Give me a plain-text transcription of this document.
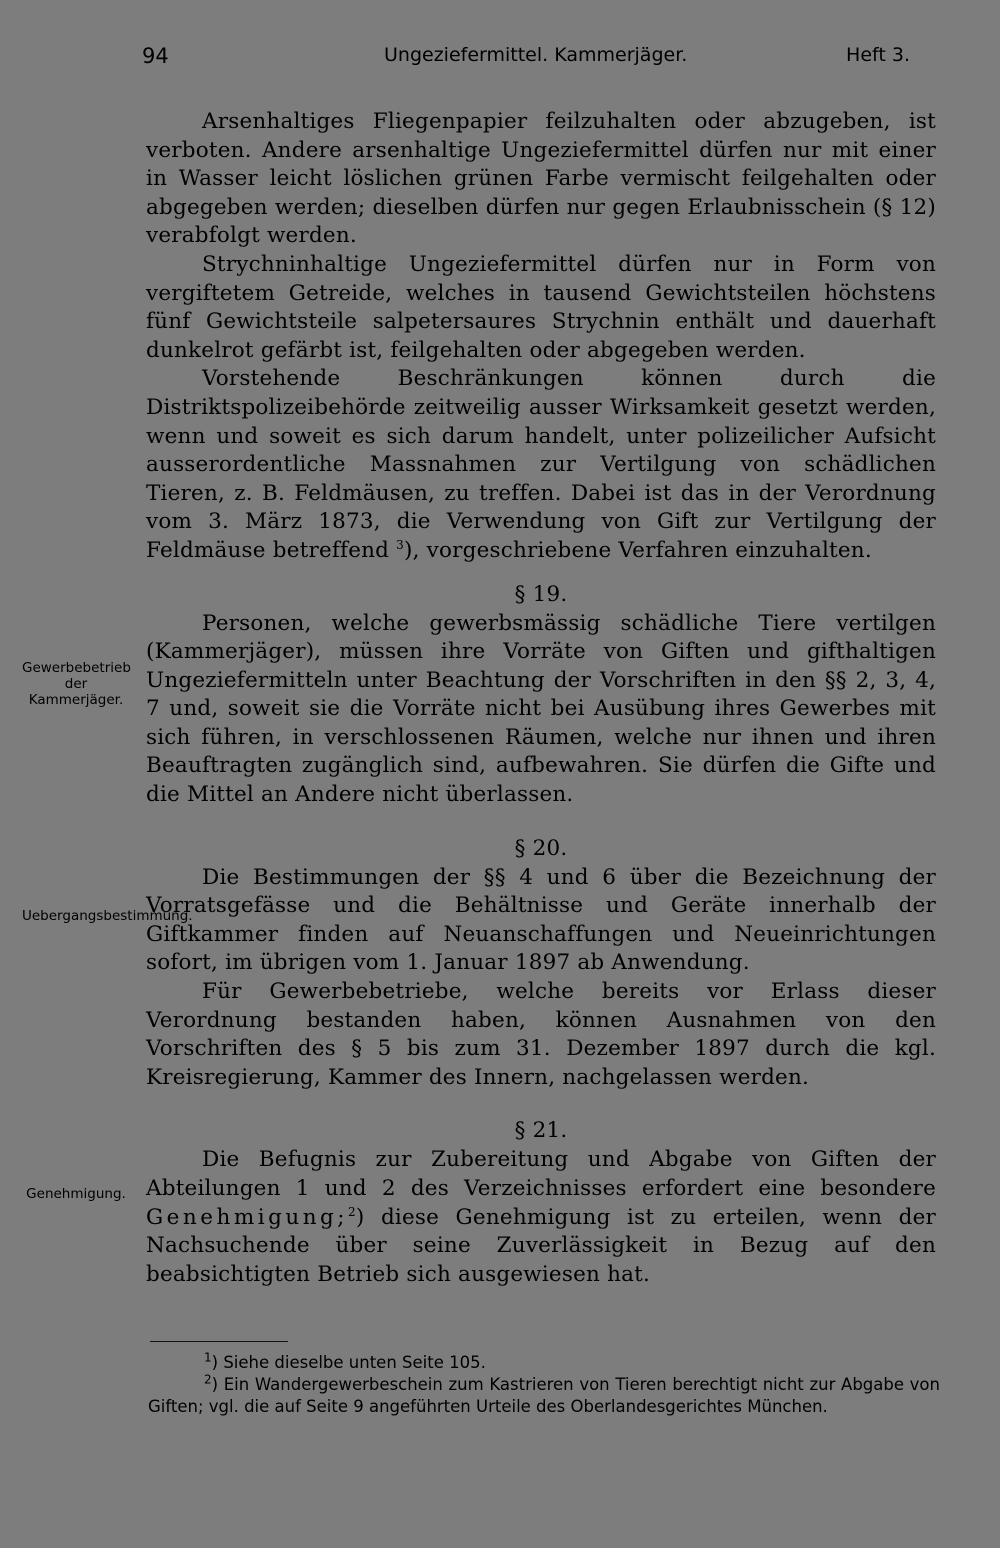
94	Ungeziefermittel. Kammerjäger.	Heft 3.
Gewerbebetrieb der Kammerjäger.
Uebergangsbestimmung.
Genehmigung.

Arsenhaltiges Fliegenpapier feilzuhalten oder abzugeben, ist verboten. Andere arsenhaltige Ungeziefermittel dürfen nur mit einer in Wasser leicht löslichen grünen Farbe vermischt feilgehalten oder abgegeben werden; dieselben dürfen nur gegen Erlaubnisschein (§ 12) verabfolgt werden.

Strychninhaltige Ungeziefermittel dürfen nur in Form von vergiftetem Getreide, welches in tausend Gewichtsteilen höchstens fünf Gewichtsteile salpetersaures Strychnin enthält und dauerhaft dunkelrot gefärbt ist, feilgehalten oder abgegeben werden.

Vorstehende Beschränkungen können durch die Distriktspolizeibehörde zeitweilig ausser Wirksamkeit gesetzt werden, wenn und soweit es sich darum handelt, unter polizeilicher Aufsicht ausserordentliche Massnahmen zur Vertilgung von schädlichen Tieren, z. B. Feldmäusen, zu treffen. Dabei ist das in der Verordnung vom 3. März 1873, die Verwendung von Gift zur Vertilgung der Feldmäuse betreffend $^3$), vorgeschriebene Verfahren einzuhalten.

§ 19.

Personen, welche gewerbsmässig schädliche Tiere vertilgen (Kammerjäger), müssen ihre Vorräte von Giften und gifthaltigen Ungeziefermitteln unter Beachtung der Vorschriften in den §§ 2, 3, 4, 7 und, soweit sie die Vorräte nicht bei Ausübung ihres Gewerbes mit sich führen, in verschlossenen Räumen, welche nur ihnen und ihren Beauftragten zugänglich sind, aufbewahren. Sie dürfen die Gifte und die Mittel an Andere nicht überlassen.

§ 20.

Die Bestimmungen der §§ 4 und 6 über die Bezeichnung der Vorratsgefässe und die Behältnisse und Geräte innerhalb der Giftkammer finden auf Neuanschaffungen und Neueinrichtungen sofort, im übrigen vom 1. Januar 1897 ab Anwendung.

Für Gewerbebetriebe, welche bereits vor Erlass dieser Verordnung bestanden haben, können Ausnahmen von den Vorschriften des § 5 bis zum 31. Dezember 1897 durch die kgl. Kreisregierung, Kammer des Innern, nachgelassen werden.

§ 21.

Die Befugnis zur Zubereitung und Abgabe von Giften der Abteilungen 1 und 2 des Verzeichnisses erfordert eine besondere Genehmigung;$^2$) diese Genehmigung ist zu erteilen, wenn der Nachsuchende über seine Zuverlässigkeit in Bezug auf den beabsichtigten Betrieb sich ausgewiesen hat.

$^1$) Siehe dieselbe unten Seite 105.

$^2$) Ein Wandergewerbeschein zum Kastrieren von Tieren berechtigt nicht zur Abgabe von Giften; vgl. die auf Seite 9 angeführten Urteile des Oberlandesgerichtes München.
